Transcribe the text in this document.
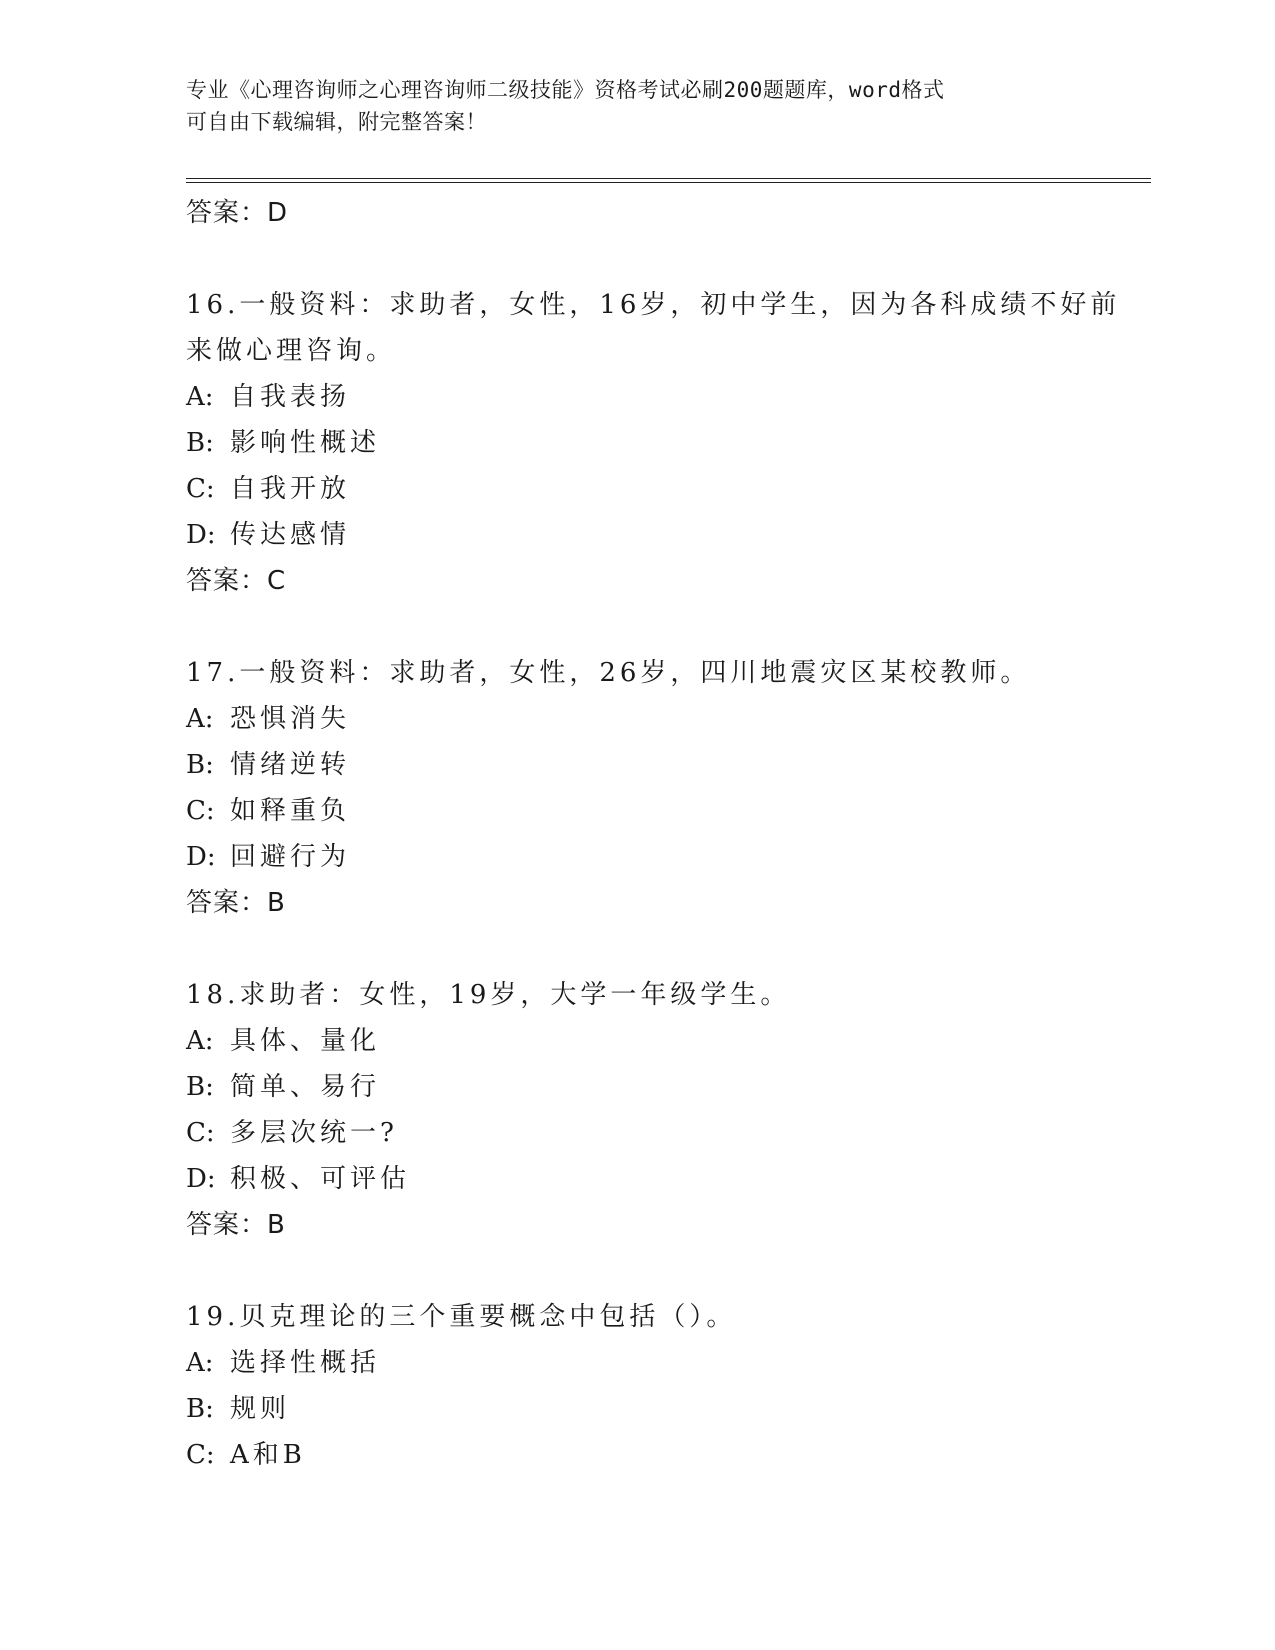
专业《心理咨询师之心理咨询师二级技能》资格考试必刷200题题库，word格式
可自由下载编辑，附完整答案！
答案：D
16.一般资料：求助者，女性，16岁，初中学生，因为各科成绩不好前
来做心理咨询。
A: 自我表扬
B: 影响性概述
C: 自我开放
D: 传达感情
答案：C
17.一般资料：求助者，女性，26岁，四川地震灾区某校教师。
A: 恐惧消失
B: 情绪逆转
C: 如释重负
D: 回避行为
答案：B
18.求助者：女性，19岁，大学一年级学生。
A: 具体、量化
B: 简单、易行
C: 多层次统一?
D: 积极、可评估
答案：B
19.贝克理论的三个重要概念中包括（）。
A: 选择性概括
B: 规则
C: A和B
